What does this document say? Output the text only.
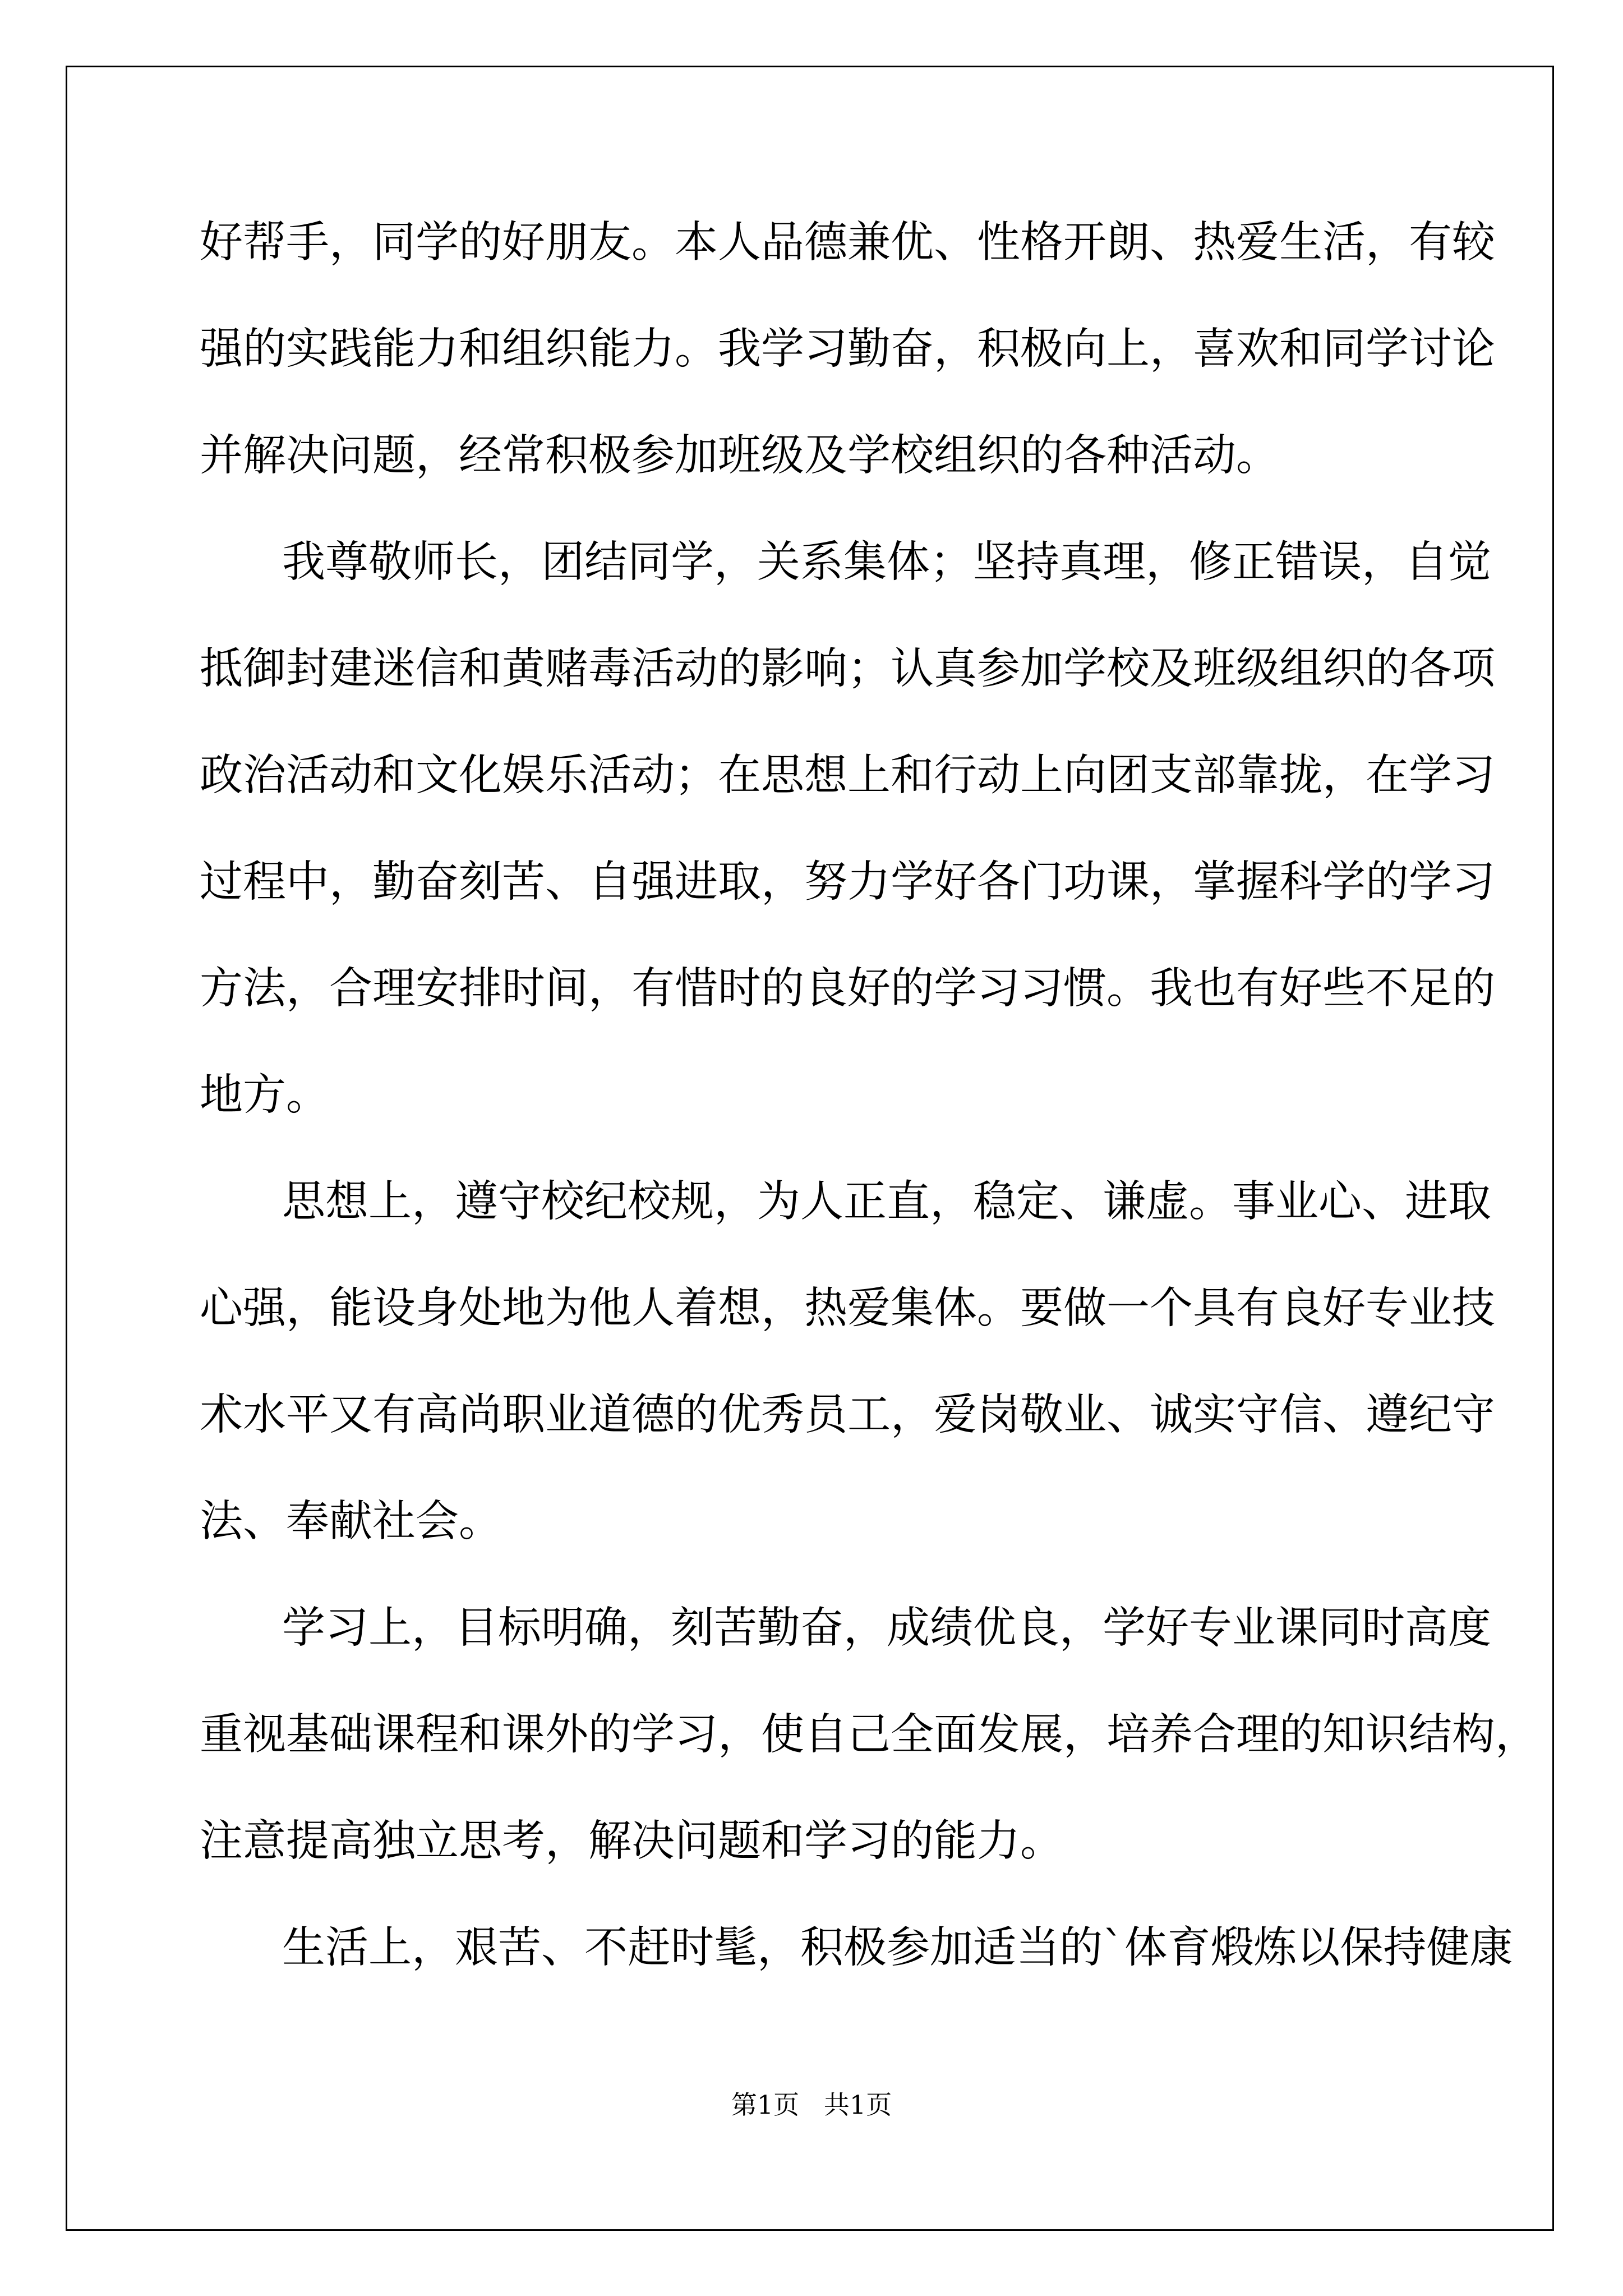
好帮手，同学的好朋友。本人品德兼优、性格开朗、热爱生活，有较
强的实践能力和组织能力。我学习勤奋，积极向上，喜欢和同学讨论
并解决问题，经常积极参加班级及学校组织的各种活动。
我尊敬师长，团结同学，关系集体；坚持真理，修正错误，自觉
抵御封建迷信和黄赌毒活动的影响；认真参加学校及班级组织的各项
政治活动和文化娱乐活动；在思想上和行动上向团支部靠拢，在学习
过程中，勤奋刻苦、自强进取，努力学好各门功课，掌握科学的学习
方法，合理安排时间，有惜时的良好的学习习惯。我也有好些不足的
地方。
思想上，遵守校纪校规，为人正直，稳定、谦虚。事业心、进取
心强，能设身处地为他人着想，热爱集体。要做一个具有良好专业技
术水平又有高尚职业道德的优秀员工，爱岗敬业、诚实守信、遵纪守
法、奉献社会。
学习上，目标明确，刻苦勤奋，成绩优良，学好专业课同时高度
重视基础课程和课外的学习，使自己全面发展，培养合理的知识结构，
注意提高独立思考，解决问题和学习的能力。
生活上，艰苦、不赶时髦，积极参加适当的`体育煅炼以保持健康
第1页   共1页
